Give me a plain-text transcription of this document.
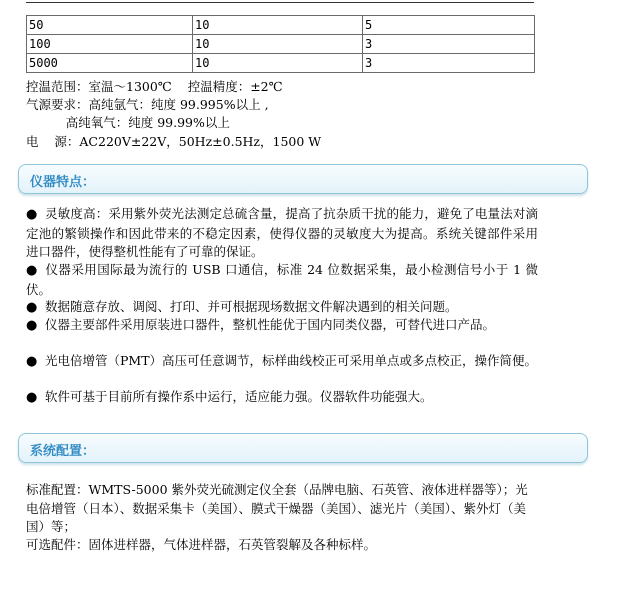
50	10	5
100	10	3
5000	10	3
控温范围：室温～1300℃    控温精度：±2℃
气源要求：高纯氩气：纯度 99.995%以上 ,
高纯氧气：纯度 99.99%以上
电    源：AC220V±22V，50Hz±0.5Hz，1500 W
仪器特点：
● 灵敏度高：采用紫外荧光法测定总硫含量，提高了抗杂质干扰的能力，避免了电量法对滴定池的繁锁操作和因此带来的不稳定因素，使得仪器的灵敏度大为提高。系统关键部件采用进口器件，使得整机性能有了可靠的保证。
● 仪器采用国际最为流行的 USB 口通信，标准 24 位数据采集，最小检测信号小于 1 微伏。
● 数据随意存放、调阅、打印、并可根据现场数据文件解决遇到的相关问题。
● 仪器主要部件采用原装进口器件，整机性能优于国内同类仪器，可替代进口产品。
● 光电倍增管（PMT）高压可任意调节，标样曲线校正可采用单点或多点校正，操作简便。
● 软件可基于目前所有操作系中运行，适应能力强。仪器软件功能强大。
系统配置：
标准配置：WMTS-5000 紫外荧光硫测定仪全套（品牌电脑、石英管、液体进样器等）；光电倍增管（日本）、数据采集卡（美国）、膜式干燥器（美国）、滤光片（美国）、紫外灯（美国）等；
可选配件：固体进样器，气体进样器，石英管裂解及各种标样。
